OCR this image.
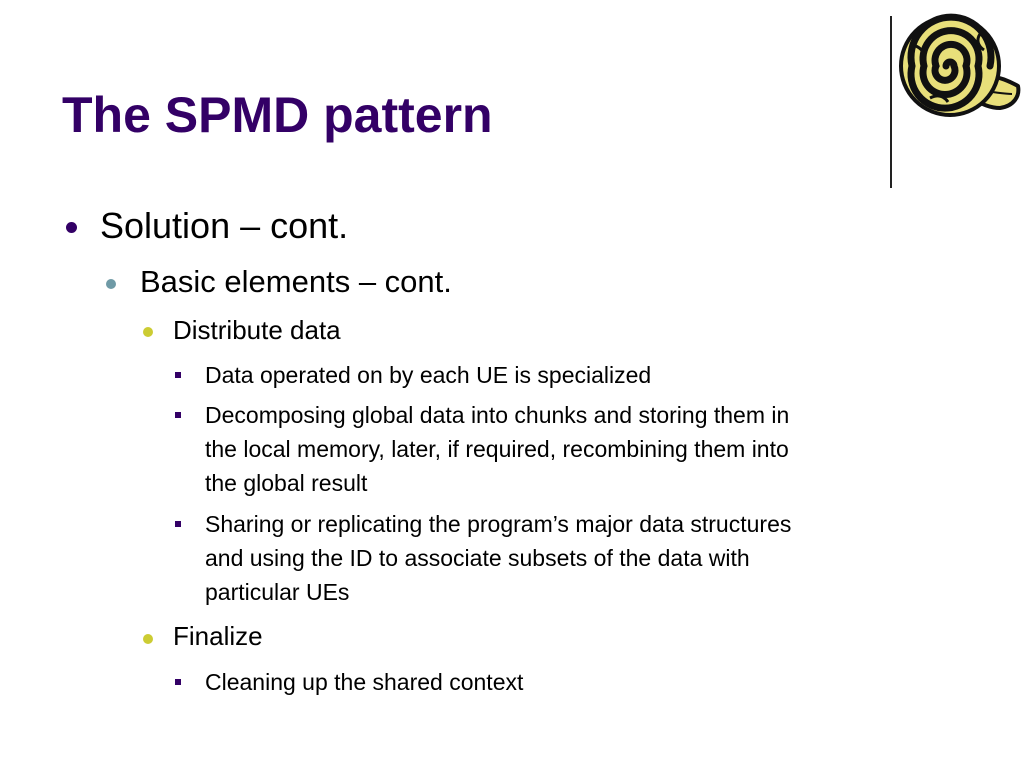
The SPMD pattern
Solution – cont.
Basic elements – cont.
Distribute data
Data operated on by each UE is specialized
Decomposing global data into chunks and storing them in
the local memory, later, if required, recombining them into
the global result
Sharing or replicating the program’s major data structures
and using the ID to associate subsets of the data with
particular UEs
Finalize
Cleaning up the shared context
